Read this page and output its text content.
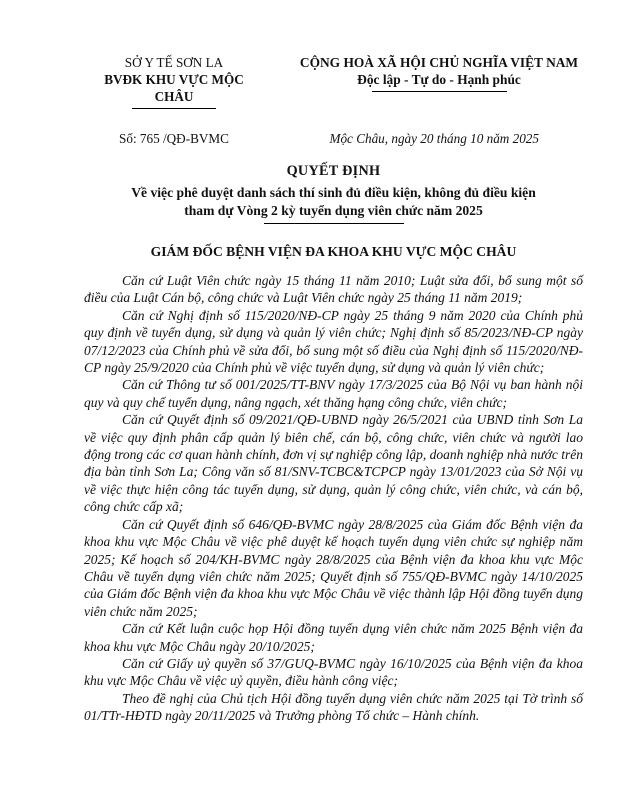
SỞ Y TẾ SƠN LA
BVĐK KHU VỰC MỘC CHÂU
CỘNG HOÀ XÃ HỘI CHỦ NGHĨA VIỆT NAM
Độc lập - Tự do - Hạnh phúc
Số: 765 /QĐ-BVMC	Mộc Châu, ngày 20 tháng 10 năm 2025
QUYẾT ĐỊNH
Về việc phê duyệt danh sách thí sinh đủ điều kiện, không đủ điều kiện
tham dự Vòng 2 kỳ tuyển dụng viên chức năm 2025
GIÁM ĐỐC BỆNH VIỆN ĐA KHOA KHU VỰC MỘC CHÂU

Căn cứ Luật Viên chức ngày 15 tháng 11 năm 2010; Luật sửa đổi, bổ sung một số điều của Luật Cán bộ, công chức và Luật Viên chức ngày 25 tháng 11 năm 2019;

Căn cứ Nghị định số 115/2020/NĐ-CP ngày 25 tháng 9 năm 2020 của Chính phủ quy định về tuyển dụng, sử dụng và quản lý viên chức; Nghị định số 85/2023/NĐ-CP ngày 07/12/2023 của Chính phủ về sửa đổi, bổ sung một số điều của Nghị định số 115/2020/NĐ-CP ngày 25/9/2020 của Chính phủ về việc tuyển dụng, sử dụng và quản lý viên chức;

Căn cứ Thông tư số 001/2025/TT-BNV ngày 17/3/2025 của Bộ Nội vụ ban hành nội quy và quy chế tuyển dụng, nâng ngạch, xét thăng hạng công chức, viên chức;

Căn cứ Quyết định số 09/2021/QĐ-UBND ngày 26/5/2021 của UBND tỉnh Sơn La về việc quy định phân cấp quản lý biên chế, cán bộ, công chức, viên chức và người lao động trong các cơ quan hành chính, đơn vị sự nghiệp công lập, doanh nghiệp nhà nước trên địa bàn tỉnh Sơn La; Công văn số 81/SNV-TCBC&TCPCP ngày 13/01/2023 của Sở Nội vụ về việc thực hiện công tác tuyển dụng, sử dụng, quản lý công chức, viên chức, và cán bộ, công chức cấp xã;

Căn cứ Quyết định số 646/QĐ-BVMC ngày 28/8/2025 của Giám đốc Bệnh viện đa khoa khu vực Mộc Châu về việc phê duyệt kế hoạch tuyển dụng viên chức sự nghiệp năm 2025; Kế hoạch số 204/KH-BVMC ngày 28/8/2025 của Bệnh viện đa khoa khu vực Mộc Châu về tuyển dụng viên chức năm 2025; Quyết định số 755/QĐ-BVMC ngày 14/10/2025 của Giám đốc Bệnh viện đa khoa khu vực Mộc Châu về việc thành lập Hội đồng tuyển dụng viên chức năm 2025;

Căn cứ Kết luận cuộc họp Hội đồng tuyển dụng viên chức năm 2025 Bệnh viện đa khoa khu vực Mộc Châu ngày 20/10/2025;

Căn cứ Giấy uỷ quyền số 37/GUQ-BVMC ngày 16/10/2025 của Bệnh viện đa khoa khu vực Mộc Châu về việc uỷ quyền, điều hành công việc;

Theo đề nghị của Chủ tịch Hội đồng tuyển dụng viên chức năm 2025 tại Tờ trình số 01/TTr-HĐTD ngày 20/11/2025 và Trưởng phòng Tổ chức – Hành chính.
